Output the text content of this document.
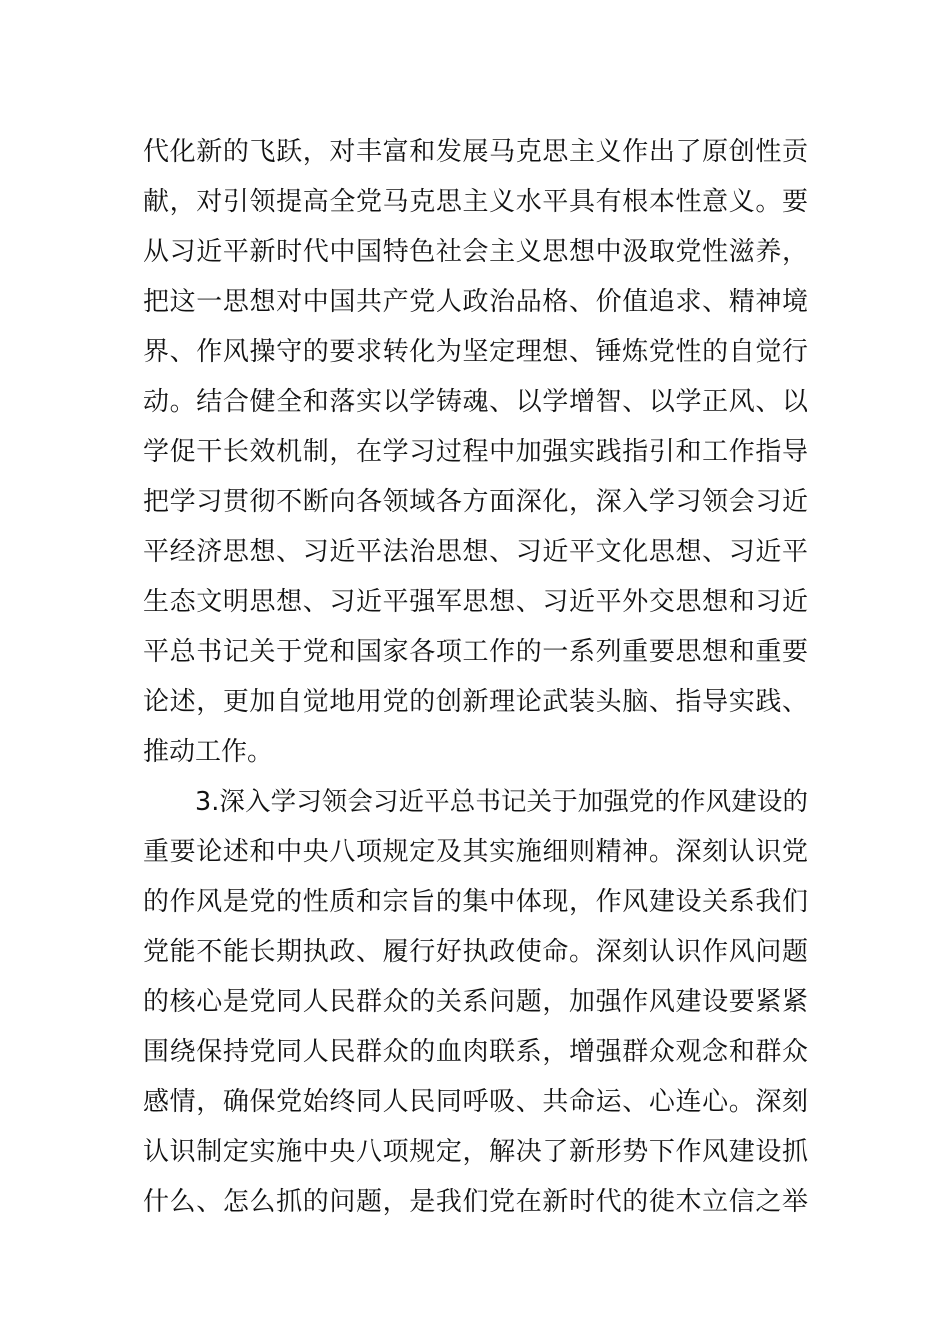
代化新的飞跃，对丰富和发展马克思主义作出了原创性贡
献，对引领提高全党马克思主义水平具有根本性意义。要
从习近平新时代中国特色社会主义思想中汲取党性滋养，
把这一思想对中国共产党人政治品格、价值追求、精神境
界、作风操守的要求转化为坚定理想、锤炼党性的自觉行
动。结合健全和落实以学铸魂、以学增智、以学正风、以
学促干长效机制，在学习过程中加强实践指引和工作指导
把学习贯彻不断向各领域各方面深化，深入学习领会习近
平经济思想、习近平法治思想、习近平文化思想、习近平
生态文明思想、习近平强军思想、习近平外交思想和习近
平总书记关于党和国家各项工作的一系列重要思想和重要
论述，更加自觉地用党的创新理论武装头脑、指导实践、
推动工作。
3.深入学习领会习近平总书记关于加强党的作风建设的
重要论述和中央八项规定及其实施细则精神。深刻认识党
的作风是党的性质和宗旨的集中体现，作风建设关系我们
党能不能长期执政、履行好执政使命。深刻认识作风问题
的核心是党同人民群众的关系问题，加强作风建设要紧紧
围绕保持党同人民群众的血肉联系，增强群众观念和群众
感情，确保党始终同人民同呼吸、共命运、心连心。深刻
认识制定实施中央八项规定，解决了新形势下作风建设抓
什么、怎么抓的问题，是我们党在新时代的徙木立信之举
